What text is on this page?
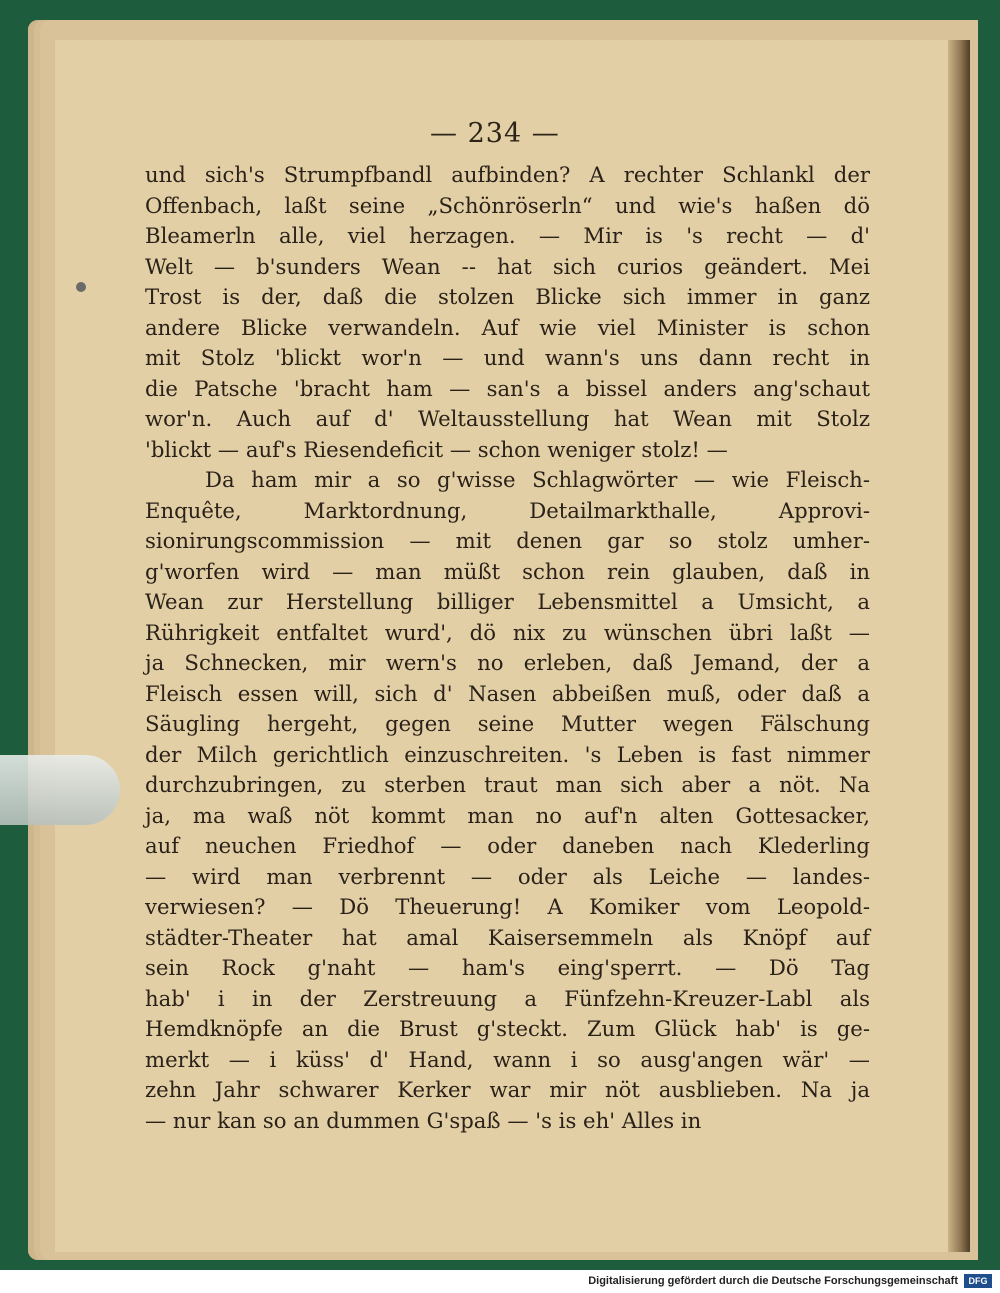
— 234 —
und sich's Strumpfbandl aufbinden? A rechter Schlankl der
Offenbach, laßt seine „Schönröserln“ und wie's haßen dö
Bleamerln alle, viel herzagen. — Mir is 's recht — d'
Welt — b'sunders Wean -- hat sich curios geändert. Mei
Trost is der, daß die stolzen Blicke sich immer in ganz
andere Blicke verwandeln. Auf wie viel Minister is schon
mit Stolz 'blickt wor'n — und wann's uns dann recht in
die Patsche 'bracht ham — san's a bissel anders ang'schaut
wor'n. Auch auf d' Weltausstellung hat Wean mit Stolz
'blickt — auf's Riesendeficit — schon weniger stolz! —
Da ham mir a so g'wisse Schlagwörter — wie Fleisch-
Enquête, Marktordnung, Detailmarkthalle, Approvi-
sionirungscommission — mit denen gar so stolz umher-
g'worfen wird — man müßt schon rein glauben, daß in
Wean zur Herstellung billiger Lebensmittel a Umsicht, a
Rührigkeit entfaltet wurd', dö nix zu wünschen übri laßt —
ja Schnecken, mir wern's no erleben, daß Jemand, der a
Fleisch essen will, sich d' Nasen abbeißen muß, oder daß a
Säugling hergeht, gegen seine Mutter wegen Fälschung
der Milch gerichtlich einzuschreiten. 's Leben is fast nimmer
durchzubringen, zu sterben traut man sich aber a nöt. Na
ja, ma waß nöt kommt man no auf'n alten Gottesacker,
auf neuchen Friedhof — oder daneben nach Klederling
— wird man verbrennt — oder als Leiche — landes-
verwiesen? — Dö Theuerung! A Komiker vom Leopold-
städter-Theater hat amal Kaisersemmeln als Knöpf auf
sein Rock g'naht — ham's eing'sperrt. — Dö Tag
hab' i in der Zerstreuung a Fünfzehn-Kreuzer-Labl als
Hemdknöpfe an die Brust g'steckt. Zum Glück hab' is ge-
merkt — i küss' d' Hand, wann i so ausg'angen wär' —
zehn Jahr schwarer Kerker war mir nöt ausblieben. Na ja
— nur kan so an dummen G'spaß — 's is eh' Alles in
Digitalisierung gefördert durch die Deutsche Forschungsgemeinschaft	DFG
